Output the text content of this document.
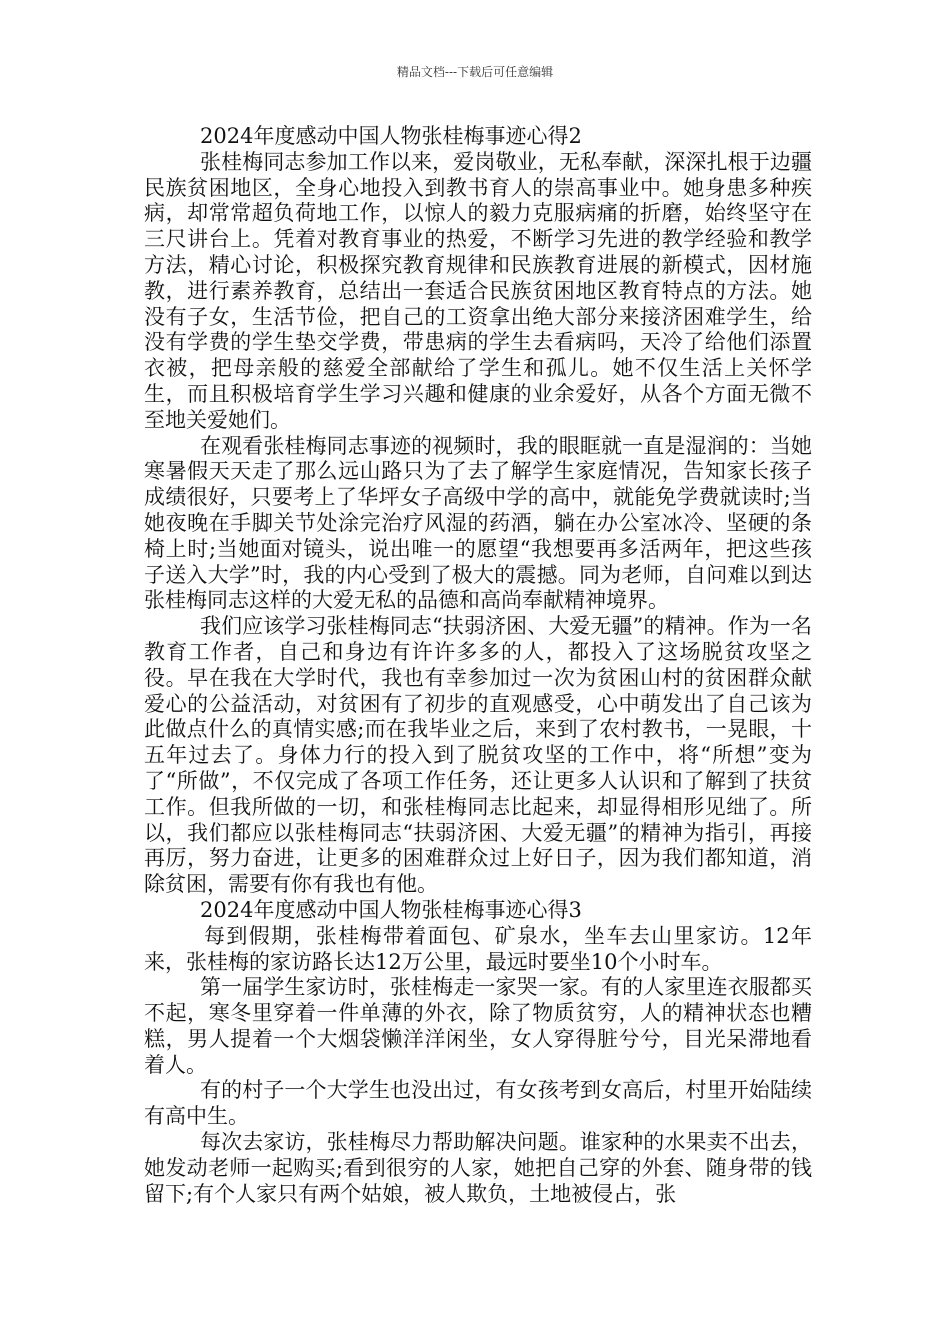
精品文档---下载后可任意编辑

2024年度感动中国人物张桂梅事迹心得2

张桂梅同志参加工作以来，爱岗敬业，无私奉献，深深扎根于边疆民族贫困地区，全身心地投入到教书育人的崇高事业中。她身患多种疾病，却常常超负荷地工作，以惊人的毅力克服病痛的折磨，始终坚守在三尺讲台上。凭着对教育事业的热爱，不断学习先进的教学经验和教学方法，精心讨论，积极探究教育规律和民族教育进展的新模式，因材施教，进行素养教育，总结出一套适合民族贫困地区教育特点的方法。她没有子女，生活节俭，把自己的工资拿出绝大部分来接济困难学生，给没有学费的学生垫交学费，带患病的学生去看病吗，天冷了给他们添置衣被，把母亲般的慈爱全部献给了学生和孤儿。她不仅生活上关怀学生，而且积极培育学生学习兴趣和健康的业余爱好，从各个方面无微不至地关爱她们。

在观看张桂梅同志事迹的视频时，我的眼眶就一直是湿润的：当她寒暑假天天走了那么远山路只为了去了解学生家庭情况，告知家长孩子成绩很好，只要考上了华坪女子高级中学的高中，就能免学费就读时;当她夜晚在手脚关节处涂完治疗风湿的药酒，躺在办公室冰冷、坚硬的条椅上时;当她面对镜头，说出唯一的愿望“我想要再多活两年，把这些孩子送入大学”时，我的内心受到了极大的震撼。同为老师，自问难以到达张桂梅同志这样的大爱无私的品德和高尚奉献精神境界。

我们应该学习张桂梅同志“扶弱济困、大爱无疆”的精神。作为一名教育工作者，自己和身边有许许多多的人，都投入了这场脱贫攻坚之役。早在我在大学时代，我也有幸参加过一次为贫困山村的贫困群众献爱心的公益活动，对贫困有了初步的直观感受，心中萌发出了自己该为此做点什么的真情实感;而在我毕业之后，来到了农村教书，一晃眼，十五年过去了。身体力行的投入到了脱贫攻坚的工作中，将“所想”变为了“所做”，不仅完成了各项工作任务，还让更多人认识和了解到了扶贫工作。但我所做的一切，和张桂梅同志比起来，却显得相形见绌了。所以，我们都应以张桂梅同志“扶弱济困、大爱无疆”的精神为指引，再接再厉，努力奋进，让更多的困难群众过上好日子，因为我们都知道，消除贫困，需要有你有我也有他。

2024年度感动中国人物张桂梅事迹心得3

每到假期，张桂梅带着面包、矿泉水，坐车去山里家访。12年来，张桂梅的家访路长达12万公里，最远时要坐10个小时车。

第一届学生家访时，张桂梅走一家哭一家。有的人家里连衣服都买不起，寒冬里穿着一件单薄的外衣，除了物质贫穷，人的精神状态也糟糕，男人提着一个大烟袋懒洋洋闲坐，女人穿得脏兮兮，目光呆滞地看着人。

有的村子一个大学生也没出过，有女孩考到女高后，村里开始陆续有高中生。

每次去家访，张桂梅尽力帮助解决问题。谁家种的水果卖不出去，她发动老师一起购买;看到很穷的人家，她把自己穿的外套、随身带的钱留下;有个人家只有两个姑娘，被人欺负，土地被侵占，张
